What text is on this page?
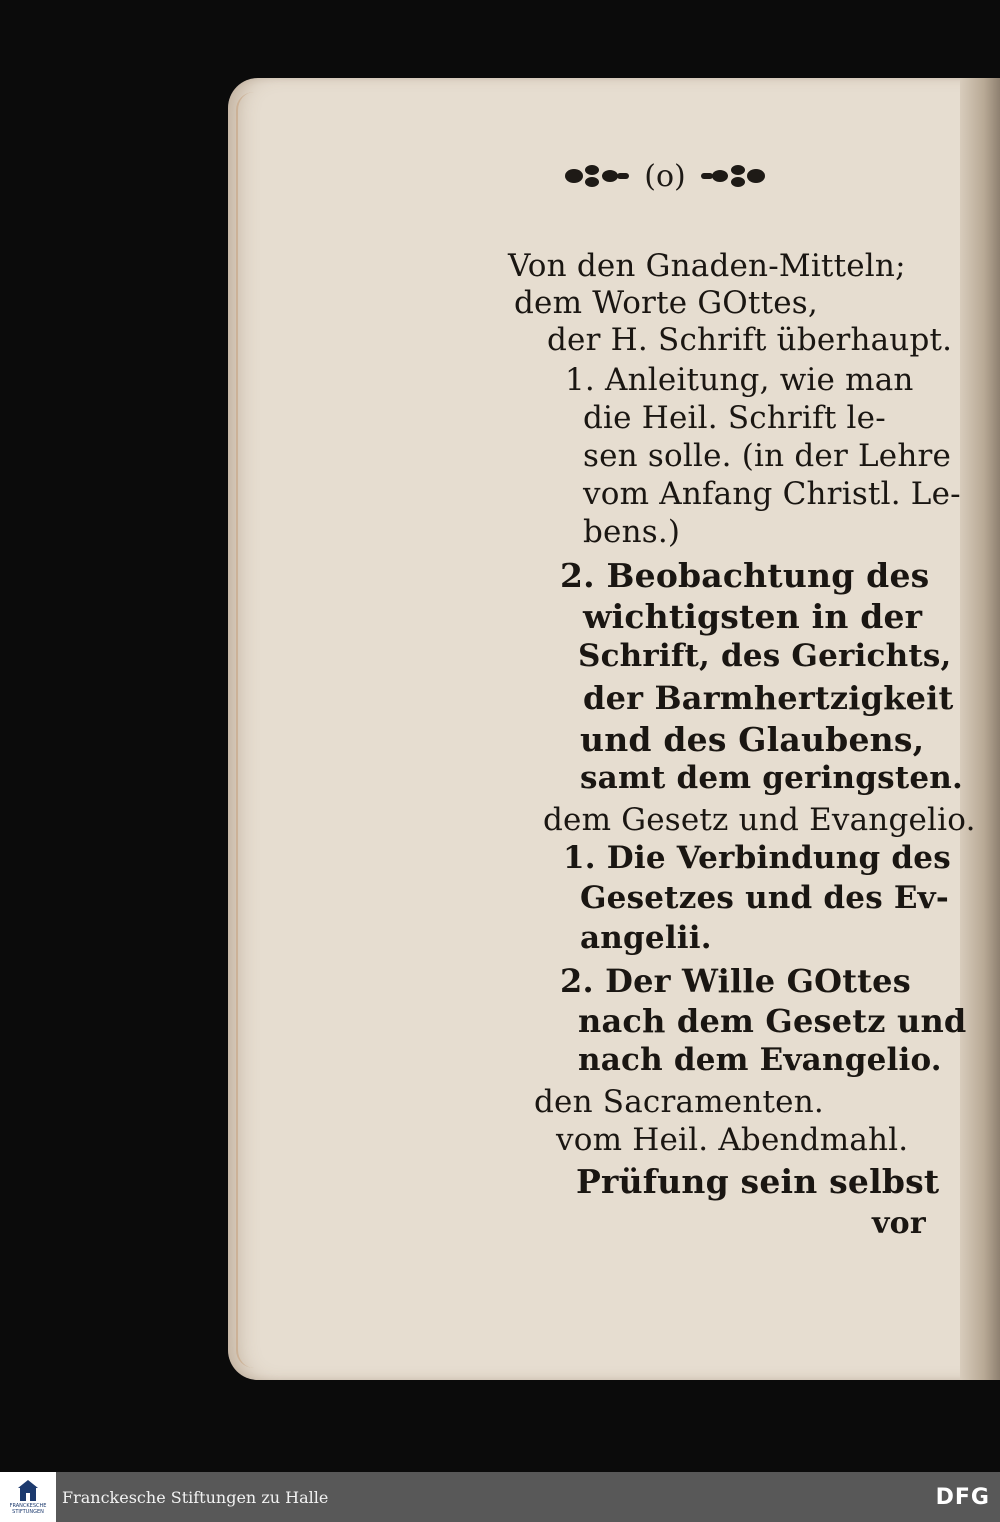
(o)
Von den Gnaden-Mitteln;
dem Worte GOttes,
der H. Schrift überhaupt.
1. Anleitung, wie man
die Heil. Schrift le-
sen solle. (in der Lehre
vom Anfang Christl. Le-
bens.)
2. Beobachtung des
wichtigsten in der
Schrift, des Gerichts,
der Barmhertzigkeit
und des Glaubens,
samt dem geringsten.
dem Gesetz und Evangelio.
1. Die Verbindung des
Gesetzes und des Ev-
angelii.
2. Der Wille GOttes
nach dem Gesetz und
nach dem Evangelio.
den Sacramenten.
vom Heil. Abendmahl.
Prüfung sein selbst
vor
FRANCKESCHE
STIFTUNGEN
Franckesche Stiftungen zu Halle	DFG
